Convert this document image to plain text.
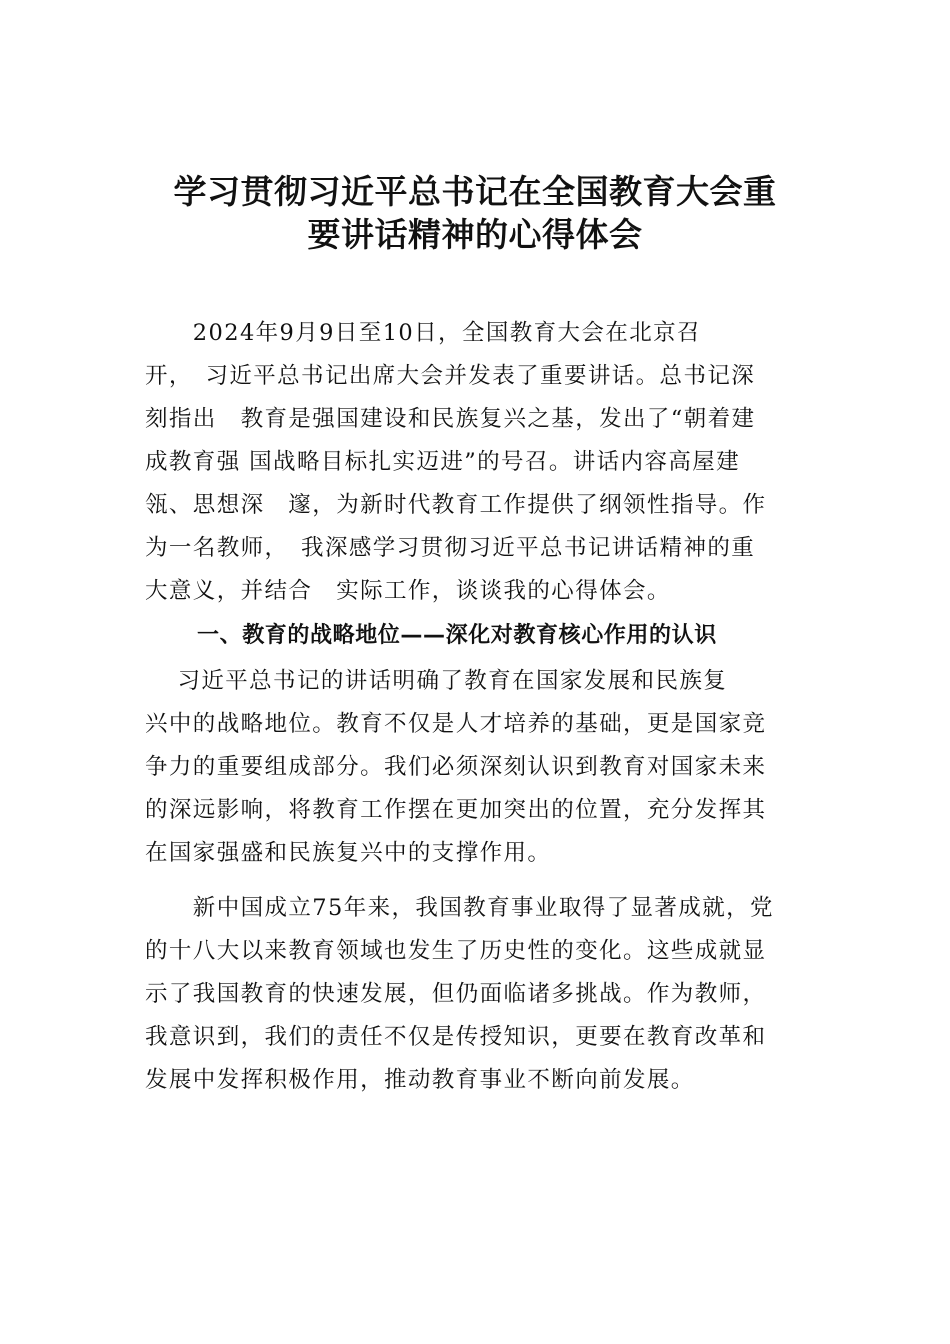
学习贯彻习近平总书记在全国教育大会重
要讲话精神的心得体会
　　2024年9月9日至10日，全国教育大会在北京召
开，　习近平总书记出席大会并发表了重要讲话。总书记深
刻指出　教育是强国建设和民族复兴之基，发出了“朝着建
成教育强 国战略目标扎实迈进”的号召。讲话内容高屋建
瓴、思想深　邃，为新时代教育工作提供了纲领性指导。作
为一名教师，　我深感学习贯彻习近平总书记讲话精神的重
大意义，并结合　实际工作，谈谈我的心得体会。
一、教育的战略地位——深化对教育核心作用的认识
　 习近平总书记的讲话明确了教育在国家发展和民族复
兴中的战略地位。教育不仅是人才培养的基础，更是国家竞
争力的重要组成部分。我们必须深刻认识到教育对国家未来
的深远影响，将教育工作摆在更加突出的位置，充分发挥其
在国家强盛和民族复兴中的支撑作用。
　　新中国成立75年来，我国教育事业取得了显著成就，党
的十八大以来教育领域也发生了历史性的变化。这些成就显
示了我国教育的快速发展，但仍面临诸多挑战。作为教师，
我意识到，我们的责任不仅是传授知识，更要在教育改革和
发展中发挥积极作用，推动教育事业不断向前发展。
